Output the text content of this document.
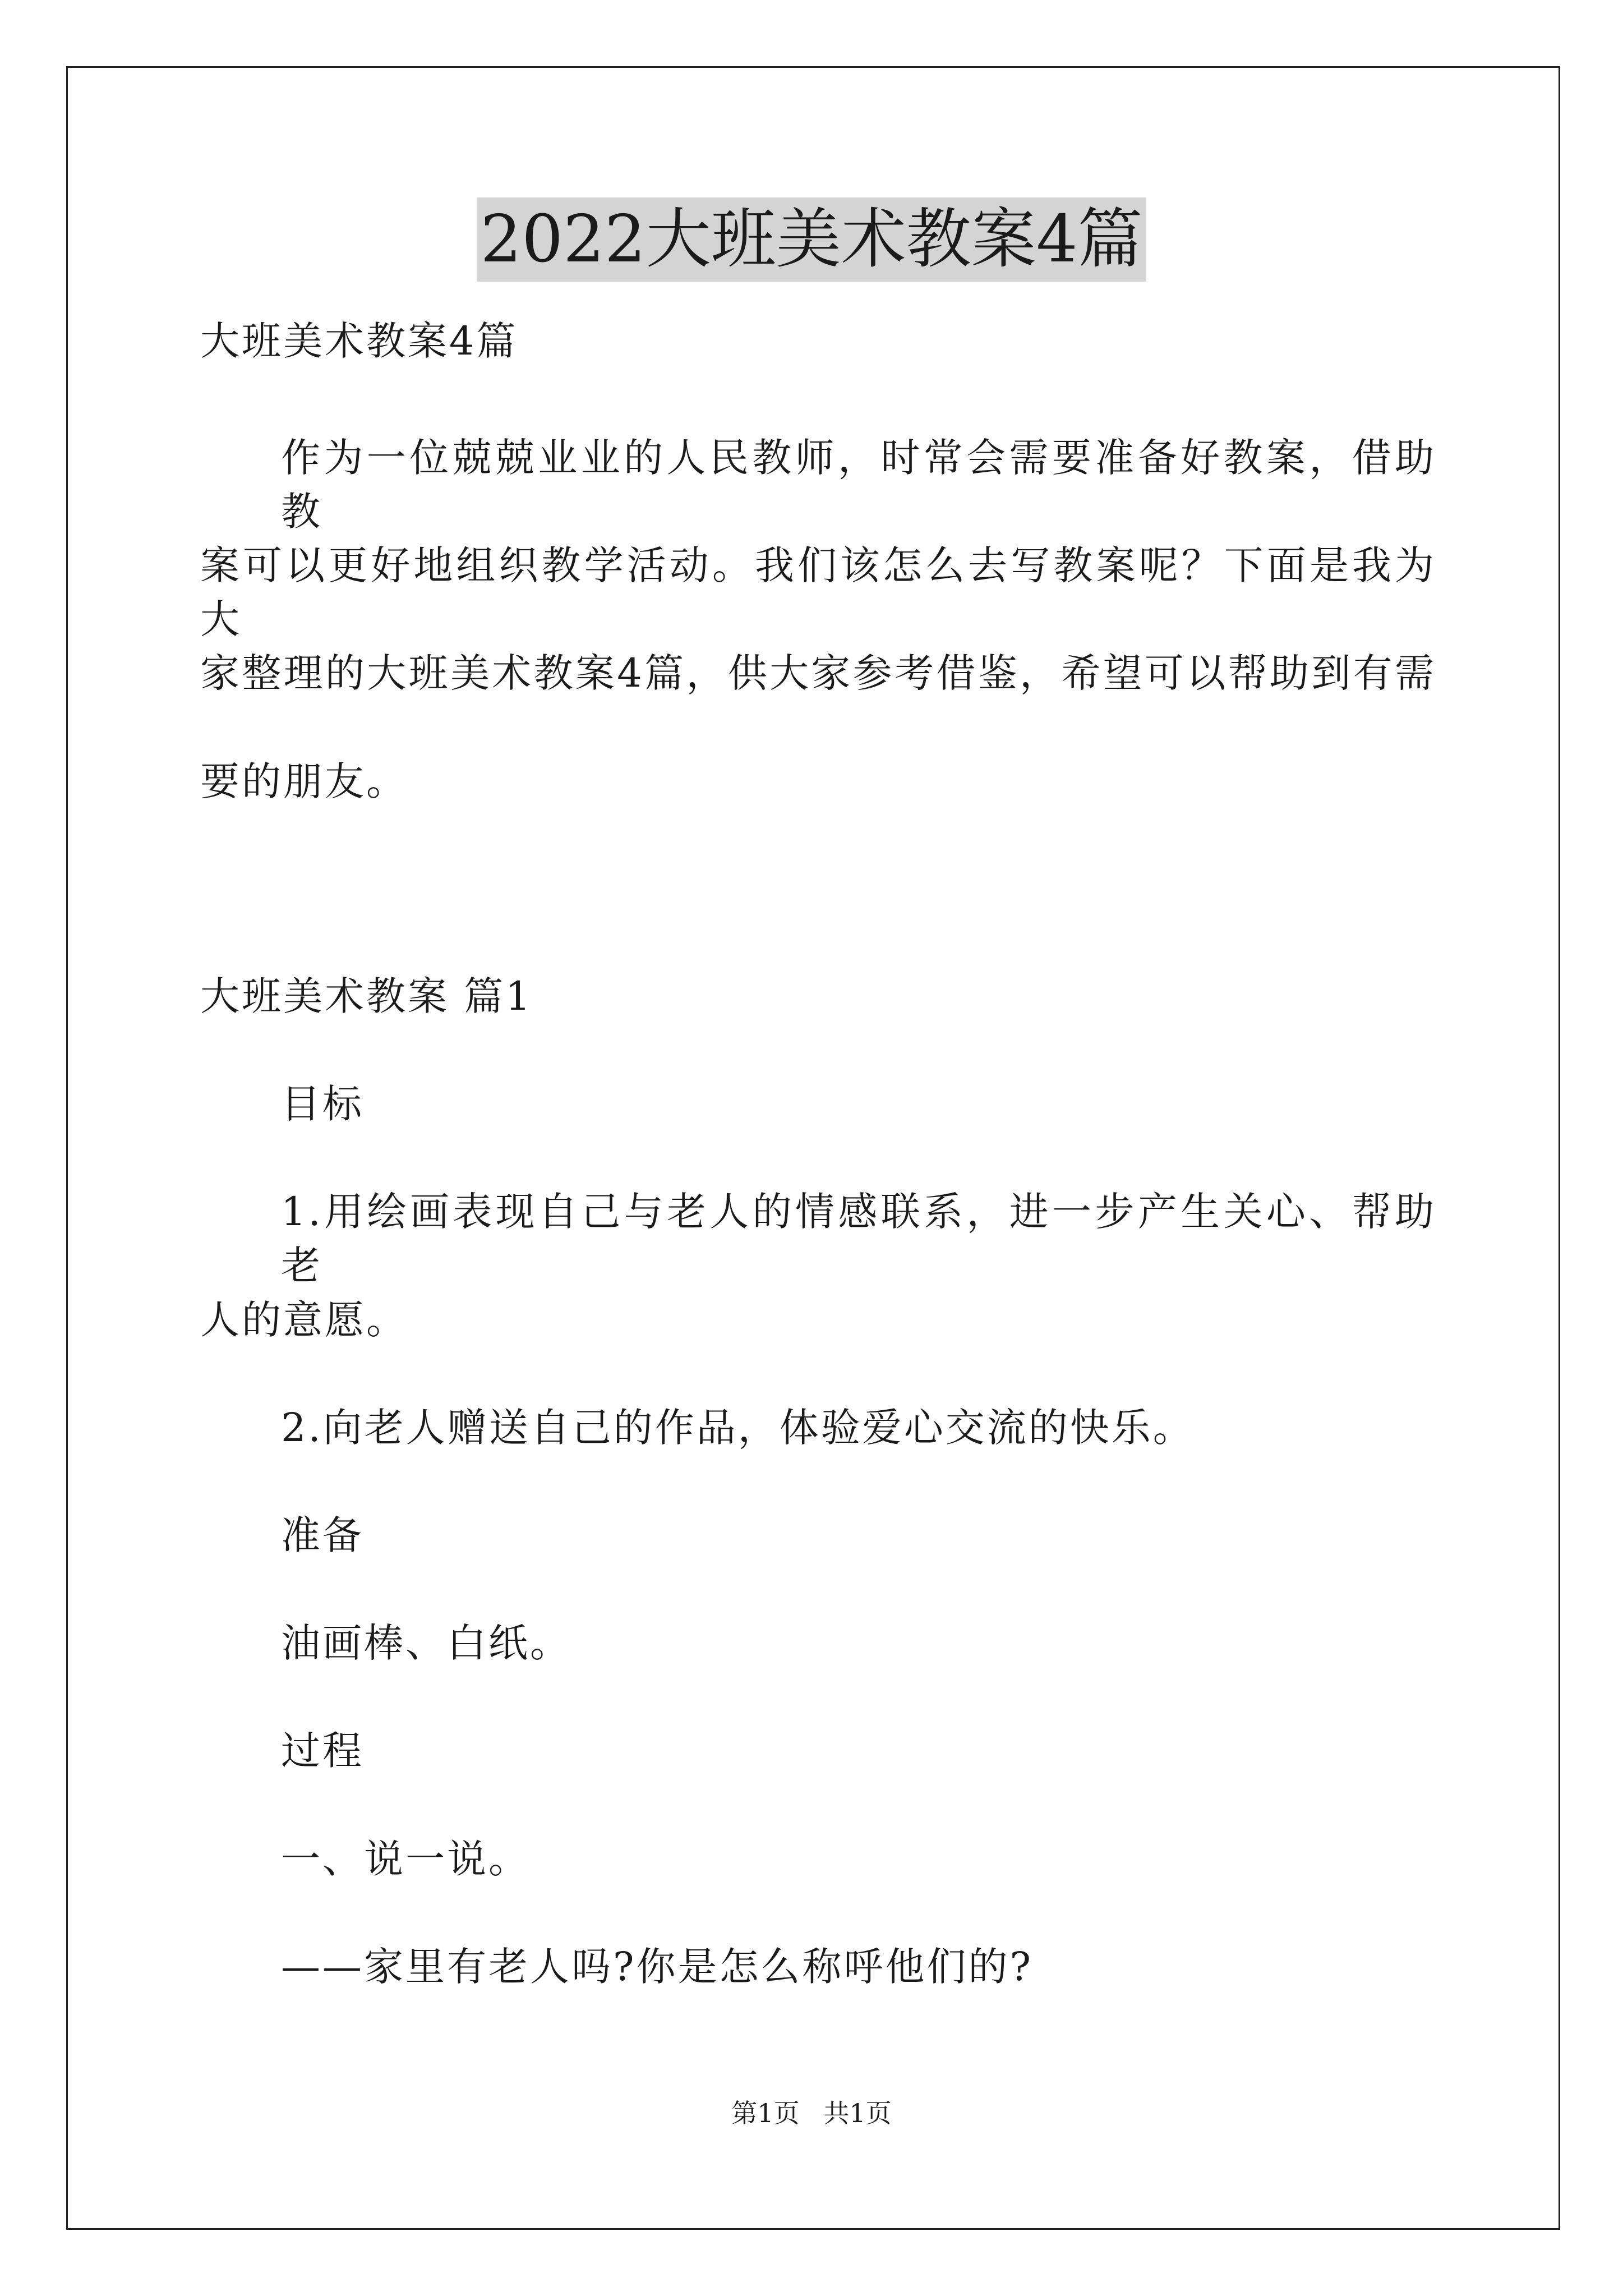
2022大班美术教案4篇
大班美术教案4篇
作为一位兢兢业业的人民教师，时常会需要准备好教案，借助教
案可以更好地组织教学活动。我们该怎么去写教案呢？下面是我为大
家整理的大班美术教案4篇，供大家参考借鉴，希望可以帮助到有需
要的朋友。
大班美术教案 篇1
目标
1.用绘画表现自己与老人的情感联系，进一步产生关心、帮助老
人的意愿。
2.向老人赠送自己的作品，体验爱心交流的快乐。
准备
油画棒、白纸。
过程
一、说一说。
——家里有老人吗?你是怎么称呼他们的?
第1页 共1页
